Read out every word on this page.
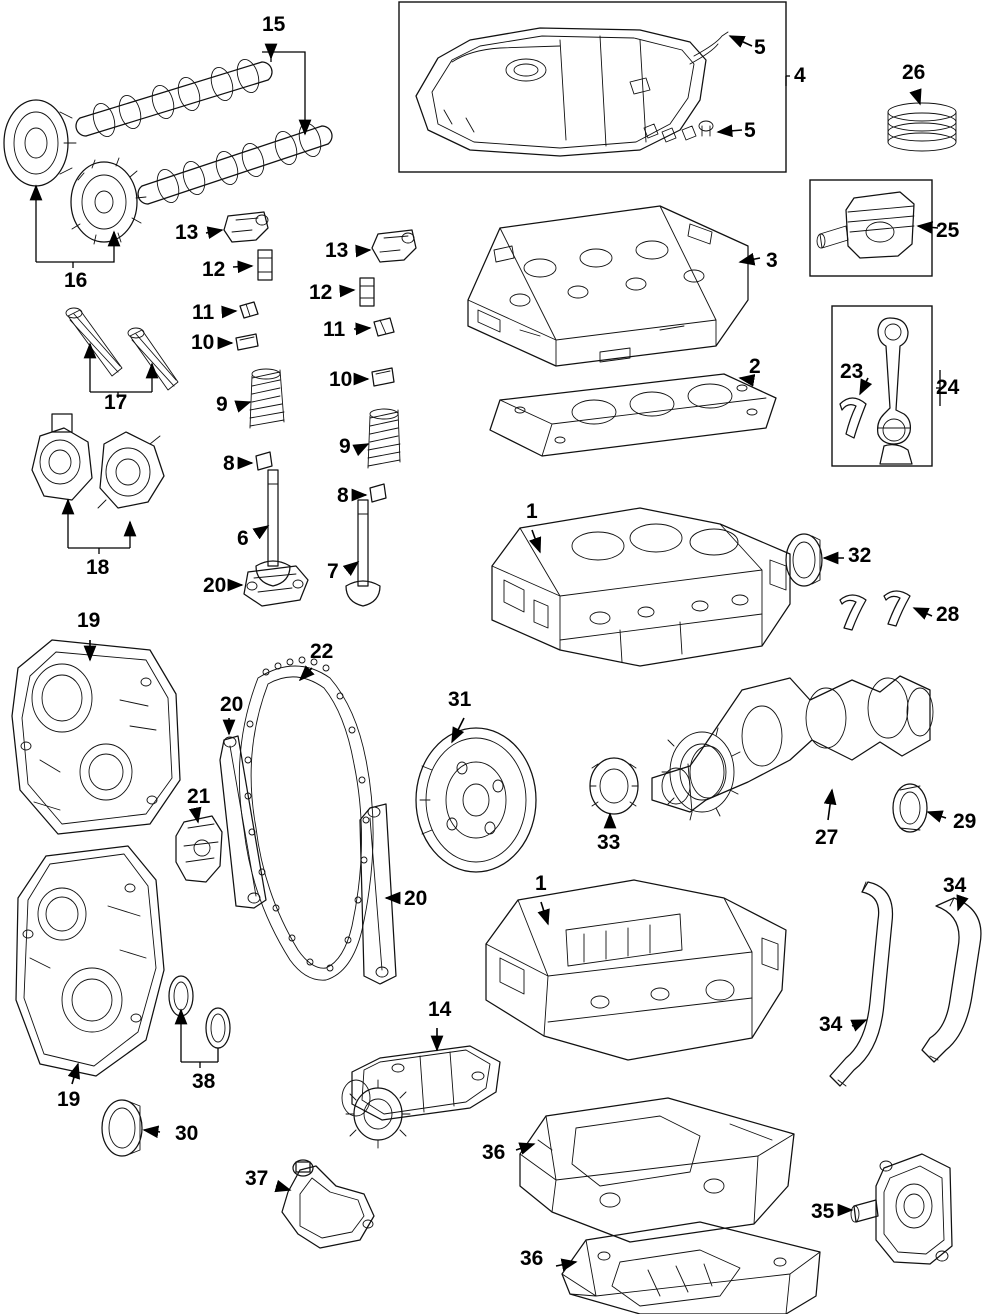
15
5
4	26
5
16
13
13
25
3
12
12
11
11
10
23
24
2
10
9
17
9
8
8
1
32
18
6
7
20
28
19
22
31
20
21
33	27
29
20
34
1
34
14
38
19
30
36
35
37
36
